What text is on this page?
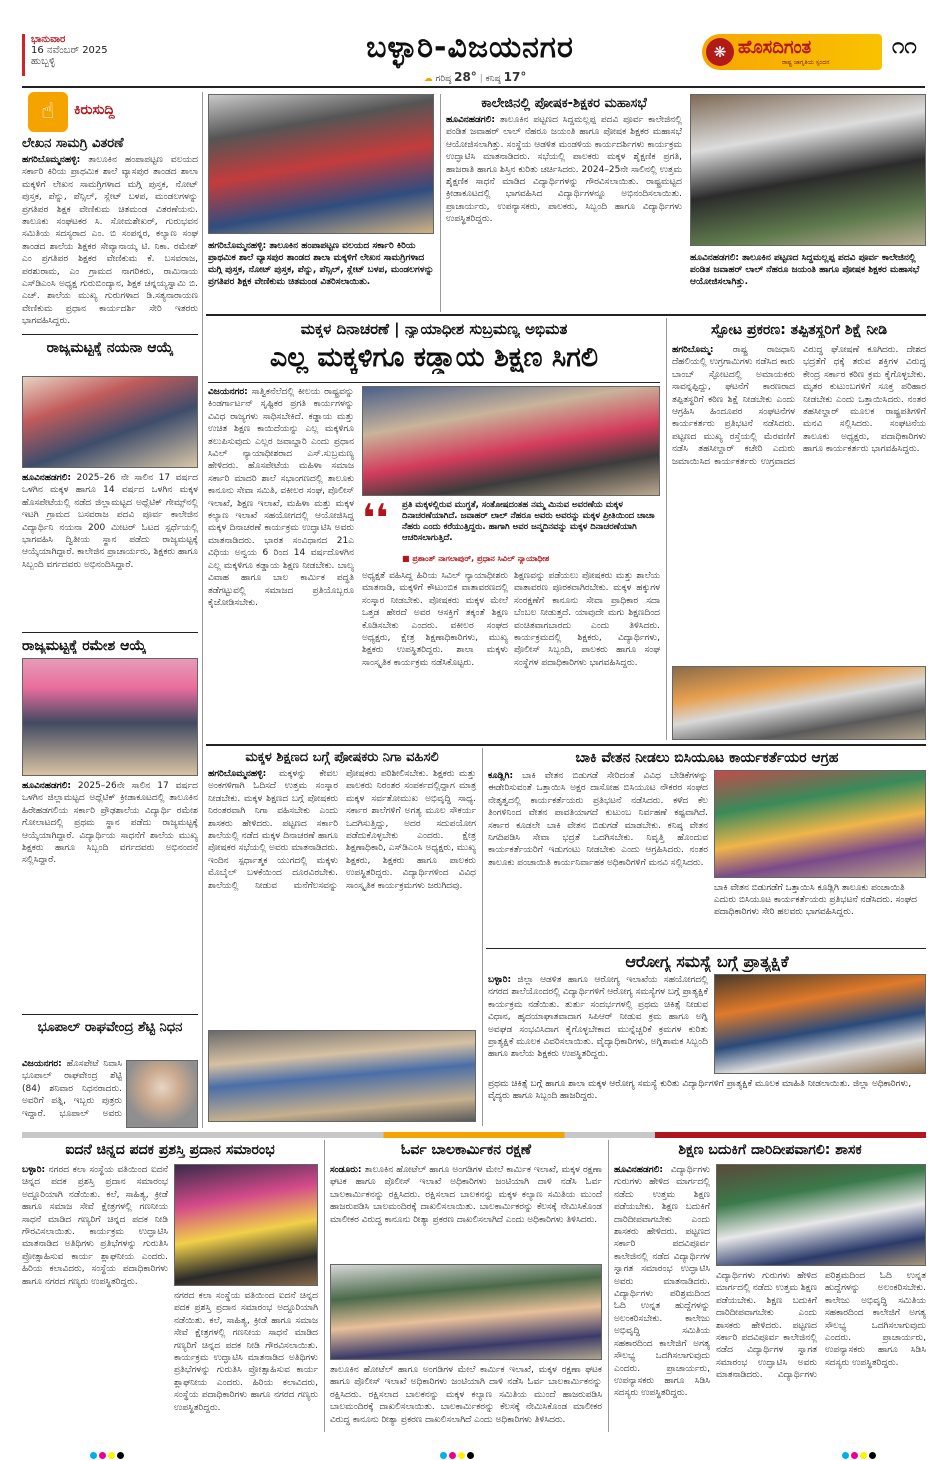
ಭಾನುವಾರ
16 ನವೆಂಬರ್ 2025
ಹುಬ್ಬಳ್ಳಿ	ಬಳ್ಳಾರಿ-ವಿಜಯನಗರ
☁ ಗರಿಷ್ಠ 28° | ಕನಿಷ್ಠ 17°
❋ ಹೊಸದಿಗಂತ
ರಾಷ್ಟ್ರ ಜಾಗೃತಿಯ ಸ್ಪಂದನ
೧೧
☝	ಕಿರುಸುದ್ದಿ
ಲೇಖನ ಸಾಮಗ್ರಿ ವಿತರಣೆ
ಹಗರಿಬೊಮ್ಮನಹಳ್ಳಿ: ತಾಲೂಕಿನ ಹಂಪಾಪಟ್ಟಣ ವಲಯದ ಸರ್ಕಾರಿ ಕಿರಿಯ ಪ್ರಾಥಮಿಕ ಶಾಲೆ ವ್ಯಾಸಪುರ ತಾಂಡದ ಶಾಲಾ ಮಕ್ಕಳಿಗೆ ಲೇಖನ ಸಾಮಗ್ರಿಗಳಾದ ಮಗ್ಗಿ ಪುಸ್ತಕ, ನೋಟ್ ಪುಸ್ತಕ, ಪೆನ್ನು, ಪೆನ್ಸಿಲ್, ಸ್ಲೇಟ್ ಬಳಪ, ಮಂಡಲಗಳನ್ನು ಪ್ರಗತಿಪರ ಶಿಕ್ಷಕ ವೇಣಿಕುಮ ಚಿತಮಂಡ ವಿತರಣೆಯನು. ತಾಲೂಕು ಸಂಘಟಕರ ಸಿ. ಸೋಮಶೇಖರ್, ಗುರುಭವನ ಸಮಿತಿಯ ಸದಸ್ಯರಾದ ಎಂ. ಬಿ ಸಂಪನ್ನರ, ಕಲ್ಯಾಣ ಸಂಘ ತಾಂಡದ ಶಾಲೆಯ ಶಿಕ್ಷಕರ ಸೇವ್ಯಾನಾಯ್ಕ ಟಿ. ನಿಕಾ. ರಮೇಶ್ ಎಂ ಪ್ರಗತಿಪರ ಶಿಕ್ಷಕರ ವೇಣಿಕುಮ ಕೆ. ಬಸವರಾಜ, ಪರಶುರಾಮ, ಎಂ ಗ್ರಾಮದ ನಾಗರಿಕರು, ರಾಮಿನಾಯ ಎಸ್‌ಡಿಎಂಸಿ ಅಧ್ಯಕ್ಷ ಗುರುಬಿಂದ್ಯಾನ, ಶಿಕ್ಷಕ ಚನ್ನಯ್ಯಸ್ವಾಮಿ ಬಿ. ಎಚ್. ಶಾಲೆಯ ಮುಖ್ಯ ಗುರುಗಳಾದ ಡಿ.ಸತ್ಯನಾರಾಯಣ ವೇಣಿಕುಮ ಪ್ರಧಾನ ಕಾರ್ಯದರ್ಶಿ ಸೇರಿ ಇತರರು ಭಾಗವಹಿಸಿದ್ದರು.
ರಾಜ್ಯಮಟ್ಟಕ್ಕೆ ನಯನಾ ಆಯ್ಕೆ
ಹೂವಿನಹಡಗಲಿ: 2025–26 ನೇ ಸಾಲಿನ 17 ವರ್ಷದ ಒಳಗಿನ ಮಕ್ಕಳ ಹಾಗೂ 14 ವರ್ಷದ ಒಳಗಿನ ಮಕ್ಕಳ ಹೊಸಪೇಟೆಯಲ್ಲಿ ನಡೆದ ಜಿಲ್ಲಾಮಟ್ಟದ ಅಥ್ಲೆಟಿಕ್ ಗೇಮ್ಸ್‌ನಲ್ಲಿ ಇಟಗಿ ಗ್ರಾಮದ ಬಸವರಾಜ ಪದವಿ ಪೂರ್ವ ಕಾಲೇಜಿನ ವಿದ್ಯಾರ್ಥಿನಿ ನಯನಾ 200 ಮೀಟರ್ ಓಟದ ಸ್ಪರ್ಧೆಯಲ್ಲಿ ಭಾಗವಹಿಸಿ ದ್ವಿತೀಯ ಸ್ಥಾನ ಪಡೆದು ರಾಜ್ಯಮಟ್ಟಕ್ಕೆ ಆಯ್ಕೆಯಾಗಿದ್ದಾರೆ. ಕಾಲೇಜಿನ ಪ್ರಾಚಾರ್ಯರು, ಶಿಕ್ಷಕರು ಹಾಗೂ ಸಿಬ್ಬಂದಿ ವರ್ಗದವರು ಅಭಿನಂದಿಸಿದ್ದಾರೆ.
ರಾಜ್ಯಮಟ್ಟಕ್ಕೆ ರಮೇಶ ಆಯ್ಕೆ
ಹೂವಿನಹಡಗಲಿ: 2025–26ನೇ ಸಾಲಿನ 17 ವರ್ಷದ ಒಳಗಿನ ಜಿಲ್ಲಾಮಟ್ಟದ ಅಥ್ಲೆಟಿಕ್ ಕ್ರೀಡಾಕೂಟದಲ್ಲಿ ತಾಲೂಕಿನ ಹಿರೇಹಡಗಲಿಯ ಸರ್ಕಾರಿ ಪ್ರೌಢಶಾಲೆಯ ವಿದ್ಯಾರ್ಥಿ ರಮೇಶ ಗೋಲಾಟದಲ್ಲಿ ಪ್ರಥಮ ಸ್ಥಾನ ಪಡೆದು ರಾಜ್ಯಮಟ್ಟಕ್ಕೆ ಆಯ್ಕೆಯಾಗಿದ್ದಾರೆ. ವಿದ್ಯಾರ್ಥಿಯ ಸಾಧನೆಗೆ ಶಾಲೆಯ ಮುಖ್ಯ ಶಿಕ್ಷಕರು ಹಾಗೂ ಸಿಬ್ಬಂದಿ ವರ್ಗದವರು ಅಭಿನಂದನೆ ಸಲ್ಲಿಸಿದ್ದಾರೆ.
ಭೂಪಾಲ್ ರಾಘವೇಂದ್ರ ಶೆಟ್ಟಿ ನಿಧನ
ವಿಜಯನಗರ: ಹೊಸಪೇಟೆ ನಿವಾಸಿ ಭೂಪಾಲ್ ರಾಘವೇಂದ್ರ ಶೆಟ್ಟಿ (84) ಶನಿವಾರ ನಿಧನರಾದರು. ಅವರಿಗೆ ಪತ್ನಿ, ಇಬ್ಬರು ಪುತ್ರರು ಇದ್ದಾರೆ. ಭೂಪಾಲ್ ಅವರು
ಹಗರಿಬೊಮ್ಮನಹಳ್ಳಿ: ತಾಲೂಕಿನ ಹಂಪಾಪಟ್ಟಣ ವಲಯದ ಸರ್ಕಾರಿ ಕಿರಿಯ ಪ್ರಾಥಮಿಕ ಶಾಲೆ ವ್ಯಾಸಪುರ ತಾಂಡದ ಶಾಲಾ ಮಕ್ಕಳಿಗೆ ಲೇಖನ ಸಾಮಗ್ರಿಗಳಾದ ಮಗ್ಗಿ ಪುಸ್ತಕ, ನೋಟ್ ಪುಸ್ತಕ, ಪೆನ್ನು, ಪೆನ್ಸಿಲ್, ಸ್ಲೇಟ್ ಬಳಪ, ಮಂಡಲಗಳನ್ನು ಪ್ರಗತಿಪರ ಶಿಕ್ಷಕ ವೇಣಿಕುಮ ಚಿತಮಂಡ ವಿತರಿಸಲಾಯಿತು.
ಕಾಲೇಜಿನಲ್ಲಿ ಪೋಷಕ-ಶಿಕ್ಷಕರ ಮಹಾಸಭೆ
ಹೂವಿನಹಡಗಲಿ: ತಾಲೂಕಿನ ಪಟ್ಟಣದ ಸಿದ್ದಮಲ್ಲಪ್ಪ ಪದವಿ ಪೂರ್ವ ಕಾಲೇಜಿನಲ್ಲಿ ಪಂಡಿತ ಜವಾಹರ್ ಲಾಲ್ ನೆಹರೂ ಜಯಂತಿ ಹಾಗೂ ಪೋಷಕ ಶಿಕ್ಷಕರ ಮಹಾಸಭೆ ಆಯೋಜಿಸಲಾಗಿತ್ತು. ಸಂಸ್ಥೆಯ ಆಡಳಿತ ಮಂಡಳಿಯ ಕಾರ್ಯದರ್ಶಿಗಳು ಕಾರ್ಯಕ್ರಮ ಉದ್ಘಾಟಿಸಿ ಮಾತನಾಡಿದರು. ಸಭೆಯಲ್ಲಿ ಪಾಲಕರು ಮಕ್ಕಳ ಶೈಕ್ಷಣಿಕ ಪ್ರಗತಿ, ಹಾಜರಾತಿ ಹಾಗೂ ಶಿಸ್ತಿನ ಕುರಿತು ಚರ್ಚಿಸಿದರು. 2024–25ನೇ ಸಾಲಿನಲ್ಲಿ ಉತ್ತಮ ಶೈಕ್ಷಣಿಕ ಸಾಧನೆ ಮಾಡಿದ ವಿದ್ಯಾರ್ಥಿಗಳನ್ನು ಗೌರವಿಸಲಾಯಿತು. ರಾಷ್ಟ್ರಮಟ್ಟದ ಕ್ರೀಡಾಕೂಟದಲ್ಲಿ ಭಾಗವಹಿಸಿದ ವಿದ್ಯಾರ್ಥಿಗಳನ್ನೂ ಅಭಿನಂದಿಸಲಾಯಿತು. ಪ್ರಾಚಾರ್ಯರು, ಉಪನ್ಯಾಸಕರು, ಪಾಲಕರು, ಸಿಬ್ಬಂದಿ ಹಾಗೂ ವಿದ್ಯಾರ್ಥಿಗಳು ಉಪಸ್ಥಿತರಿದ್ದರು.
ಹೂವಿನಹಡಗಲಿ: ತಾಲೂಕಿನ ಪಟ್ಟಣದ ಸಿದ್ದಮಲ್ಲಪ್ಪ ಪದವಿ ಪೂರ್ವ ಕಾಲೇಜಿನಲ್ಲಿ ಪಂಡಿತ ಜವಾಹರ್ ಲಾಲ್ ನೆಹರೂ ಜಯಂತಿ ಹಾಗೂ ಪೋಷಕ ಶಿಕ್ಷಕರ ಮಹಾಸಭೆ ಆಯೋಜಿಸಲಾಗಿತ್ತು.
ಮಕ್ಕಳ ದಿನಾಚರಣೆ | ನ್ಯಾಯಾಧೀಶ ಸುಬ್ರಮಣ್ಯ ಅಭಿಮತ
ಎಲ್ಲ ಮಕ್ಕಳಿಗೂ ಕಡ್ಡಾಯ ಶಿಕ್ಷಣ ಸಿಗಲಿ
ವಿಜಯನಗರ: ಸಾತ್ವಿಕನೆಲೆದಲ್ಲಿ ಕೀಲಯ ರಾಷ್ಟ್ರವನ್ನು ಕಿಂಡರ್ಗಾರ್ಟನ್ ಸೃಷ್ಟಿಕರ ಪ್ರಗತಿ ಕಾರ್ಯಗಳನ್ನು ವಿವಿಧ ರಾಜ್ಯಗಳು ಸಾಧಿಸಬೇಕಿದೆ. ಕಡ್ಡಾಯ ಮತ್ತು ಉಚಿತ ಶಿಕ್ಷಣ ಕಾಯಿದೆಯನ್ನು ಎಲ್ಲ ಮಕ್ಕಳಿಗೂ ತಲುಪಿಸುವುದು ಎಲ್ಲರ ಜವಾಬ್ದಾರಿ ಎಂದು ಪ್ರಧಾನ ಸಿವಿಲ್ ನ್ಯಾಯಾಧೀಶರಾದ ಎಸ್.ಸುಬ್ರಮಣ್ಯ ಹೇಳಿದರು. ಹೊಸಪೇಟೆಯ ಮಹಿಳಾ ಸಮಾಜ ಸರ್ಕಾರಿ ಮಾದರಿ ಶಾಲೆ ಸಭಾಂಗಣದಲ್ಲಿ ತಾಲೂಕು ಕಾನೂನು ಸೇವಾ ಸಮಿತಿ, ವಕೀಲರ ಸಂಘ, ಪೊಲೀಸ್ ಇಲಾಖೆ, ಶಿಕ್ಷಣ ಇಲಾಖೆ, ಮಹಿಳಾ ಮತ್ತು ಮಕ್ಕಳ ಕಲ್ಯಾಣ ಇಲಾಖೆ ಸಹಯೋಗದಲ್ಲಿ ಆಯೋಜಿಸಿದ್ದ ಮಕ್ಕಳ ದಿನಾಚರಣೆ ಕಾರ್ಯಕ್ರಮ ಉದ್ಘಾಟಿಸಿ ಅವರು ಮಾತನಾಡಿದರು. ಭಾರತ ಸಂವಿಧಾನದ 21ಎ ವಿಧಿಯ ಅನ್ವಯ 6 ರಿಂದ 14 ವರ್ಷದೊಳಗಿನ ಎಲ್ಲ ಮಕ್ಕಳಿಗೂ ಕಡ್ಡಾಯ ಶಿಕ್ಷಣ ನೀಡಬೇಕು. ಬಾಲ್ಯ ವಿವಾಹ ಹಾಗೂ ಬಾಲ ಕಾರ್ಮಿಕ ಪದ್ಧತಿ ತಡೆಗಟ್ಟುವಲ್ಲಿ ಸಮಾಜದ ಪ್ರತಿಯೊಬ್ಬರೂ ಕೈಜೋಡಿಸಬೇಕು.
❛❛ ಪ್ರತಿ ಮಕ್ಕಳಲ್ಲಿರುವ ಮುಗ್ಧತೆ, ಸಂತೋಷದಂತಹ ನಮ್ಮ ಮಿನುವ ಅವರಣೆಯ ಮಕ್ಕಳ ದಿನಾಚರಣೆಯಾಗಿದೆ. ಜವಾಹರ್ ಲಾಲ್ ನೆಹರೂ ಅವರು ಅವರನ್ನು ಮಕ್ಕಳ ಪ್ರೀತಿಯಿಂದ ಚಾಚಾ ನೆಹರು ಎಂದು ಕರೆಯುತ್ತಿದ್ದರು. ಹಾಗಾಗಿ ಅವರ ಜನ್ಮದಿನವನ್ನು ಮಕ್ಕಳ ದಿನಾಚರಣೆಯಾಗಿ ಆಚರಿಸಲಾಗುತ್ತಿದೆ.
■ ಪ್ರಶಾಂತ್ ನಾಗಲಾಪುರ್, ಪ್ರಧಾನ ಸಿವಿಲ್ ನ್ಯಾಯಾಧೀಶ
ಅಧ್ಯಕ್ಷತೆ ವಹಿಸಿದ್ದ ಹಿರಿಯ ಸಿವಿಲ್ ನ್ಯಾಯಾಧೀಶರು ಮಾತನಾಡಿ, ಮಕ್ಕಳಿಗೆ ಕೌಟುಂಬಿಕ ವಾತಾವರಣದಲ್ಲಿ ಸಂಸ್ಕಾರ ನೀಡಬೇಕು. ಪೋಷಕರು ಮಕ್ಕಳ ಮೇಲೆ ಒತ್ತಡ ಹೇರದೆ ಅವರ ಆಸಕ್ತಿಗೆ ತಕ್ಕಂತೆ ಶಿಕ್ಷಣ ಕೊಡಿಸಬೇಕು ಎಂದರು. ವಕೀಲರ ಸಂಘದ ಅಧ್ಯಕ್ಷರು, ಕ್ಷೇತ್ರ ಶಿಕ್ಷಣಾಧಿಕಾರಿಗಳು, ಮುಖ್ಯ ಶಿಕ್ಷಕರು ಉಪಸ್ಥಿತರಿದ್ದರು. ಶಾಲಾ ಮಕ್ಕಳು ಸಾಂಸ್ಕೃತಿಕ ಕಾರ್ಯಕ್ರಮ ನಡೆಸಿಕೊಟ್ಟರು.
ಶಿಕ್ಷಣವನ್ನು ಪಡೆಯಲು ಪೋಷಕರು ಮತ್ತು ಶಾಲೆಯ ವಾತಾವರಣ ಪೂರಕವಾಗಿರಬೇಕು. ಮಕ್ಕಳ ಹಕ್ಕುಗಳ ಸಂರಕ್ಷಣೆಗೆ ಕಾನೂನು ಸೇವಾ ಪ್ರಾಧಿಕಾರ ಸದಾ ಬೆಂಬಲ ನೀಡುತ್ತದೆ. ಯಾವುದೇ ಮಗು ಶಿಕ್ಷಣದಿಂದ ವಂಚಿತವಾಗಬಾರದು ಎಂದು ತಿಳಿಸಿದರು. ಕಾರ್ಯಕ್ರಮದಲ್ಲಿ ಶಿಕ್ಷಕರು, ವಿದ್ಯಾರ್ಥಿಗಳು, ಪೊಲೀಸ್ ಸಿಬ್ಬಂದಿ, ಪಾಲಕರು ಹಾಗೂ ಸಂಘ ಸಂಸ್ಥೆಗಳ ಪದಾಧಿಕಾರಿಗಳು ಭಾಗವಹಿಸಿದ್ದರು.
ಸ್ಫೋಟ ಪ್ರಕರಣ: ತಪ್ಪಿತಸ್ಥರಿಗೆ ಶಿಕ್ಷೆ ನೀಡಿ
ಹಗರಿಬೊಮ್ಮ: ರಾಷ್ಟ್ರ ರಾಜಧಾನಿ ದೆಹಲಿಯಲ್ಲಿ ಉಗ್ರಗಾಮಿಗಳು ನಡೆಸಿದ ಕಾರು ಬಾಂಬ್ ಸ್ಫೋಟದಲ್ಲಿ ಅಮಾಯಕರು ಸಾವನ್ನಪ್ಪಿದ್ದು, ಘಟನೆಗೆ ಕಾರಣರಾದ ತಪ್ಪಿತಸ್ಥರಿಗೆ ಕಠಿಣ ಶಿಕ್ಷೆ ನೀಡಬೇಕು ಎಂದು ಆಗ್ರಹಿಸಿ ಹಿಂದೂಪರ ಸಂಘಟನೆಗಳ ಕಾರ್ಯಕರ್ತರು ಪ್ರತಿಭಟನೆ ನಡೆಸಿದರು. ಪಟ್ಟಣದ ಮುಖ್ಯ ರಸ್ತೆಯಲ್ಲಿ ಮೆರವಣಿಗೆ ನಡೆಸಿ ತಹಸೀಲ್ದಾರ್ ಕಚೇರಿ ಎದುರು ಜಮಾಯಿಸಿದ ಕಾರ್ಯಕರ್ತರು ಉಗ್ರವಾದದ ವಿರುದ್ಧ ಘೋಷಣೆ ಕೂಗಿದರು. ದೇಶದ ಭದ್ರತೆಗೆ ಧಕ್ಕೆ ತರುವ ಶಕ್ತಿಗಳ ವಿರುದ್ಧ ಕೇಂದ್ರ ಸರ್ಕಾರ ಕಠಿಣ ಕ್ರಮ ಕೈಗೊಳ್ಳಬೇಕು. ಮೃತರ ಕುಟುಂಬಗಳಿಗೆ ಸೂಕ್ತ ಪರಿಹಾರ ನೀಡಬೇಕು ಎಂದು ಒತ್ತಾಯಿಸಿದರು. ನಂತರ ತಹಸೀಲ್ದಾರ್ ಮೂಲಕ ರಾಷ್ಟ್ರಪತಿಗಳಿಗೆ ಮನವಿ ಸಲ್ಲಿಸಿದರು. ಸಂಘಟನೆಯ ತಾಲೂಕು ಅಧ್ಯಕ್ಷರು, ಪದಾಧಿಕಾರಿಗಳು ಹಾಗೂ ಕಾರ್ಯಕರ್ತರು ಭಾಗವಹಿಸಿದ್ದರು.
ಮಕ್ಕಳ ಶಿಕ್ಷಣದ ಬಗ್ಗೆ ಪೋಷಕರು ನಿಗಾ ವಹಿಸಲಿ
ಹಗರಿಬೊಮ್ಮನಹಳ್ಳಿ: ಮಕ್ಕಳನ್ನು ಕೇವಲ ಅಂಕಗಳಿಗಾಗಿ ಓದಿಸದೆ ಉತ್ತಮ ಸಂಸ್ಕಾರ ನೀಡಬೇಕು. ಮಕ್ಕಳ ಶಿಕ್ಷಣದ ಬಗ್ಗೆ ಪೋಷಕರು ನಿರಂತರವಾಗಿ ನಿಗಾ ವಹಿಸಬೇಕು ಎಂದು ಶಾಸಕರು ಹೇಳಿದರು. ಪಟ್ಟಣದ ಸರ್ಕಾರಿ ಶಾಲೆಯಲ್ಲಿ ನಡೆದ ಮಕ್ಕಳ ದಿನಾಚರಣೆ ಹಾಗೂ ಪೋಷಕರ ಸಭೆಯಲ್ಲಿ ಅವರು ಮಾತನಾಡಿದರು. ಇಂದಿನ ಸ್ಪರ್ಧಾತ್ಮಕ ಯುಗದಲ್ಲಿ ಮಕ್ಕಳು ಮೊಬೈಲ್ ಬಳಕೆಯಿಂದ ದೂರವಿರಬೇಕು. ಶಾಲೆಯಲ್ಲಿ ನೀಡುವ ಮನೆಗೆಲಸವನ್ನು ಪೋಷಕರು ಪರಿಶೀಲಿಸಬೇಕು. ಶಿಕ್ಷಕರು ಮತ್ತು ಪಾಲಕರು ನಿರಂತರ ಸಂಪರ್ಕದಲ್ಲಿದ್ದಾಗ ಮಾತ್ರ ಮಕ್ಕಳ ಸರ್ವತೋಮುಖ ಅಭಿವೃದ್ಧಿ ಸಾಧ್ಯ. ಸರ್ಕಾರ ಶಾಲೆಗಳಿಗೆ ಅಗತ್ಯ ಮೂಲ ಸೌಕರ್ಯ ಒದಗಿಸುತ್ತಿದ್ದು, ಅದರ ಸದುಪಯೋಗ ಪಡೆದುಕೊಳ್ಳಬೇಕು ಎಂದರು. ಕ್ಷೇತ್ರ ಶಿಕ್ಷಣಾಧಿಕಾರಿ, ಎಸ್‌ಡಿಎಂಸಿ ಅಧ್ಯಕ್ಷರು, ಮುಖ್ಯ ಶಿಕ್ಷಕರು, ಶಿಕ್ಷಕರು ಹಾಗೂ ಪಾಲಕರು ಉಪಸ್ಥಿತರಿದ್ದರು. ವಿದ್ಯಾರ್ಥಿಗಳಿಂದ ವಿವಿಧ ಸಾಂಸ್ಕೃತಿಕ ಕಾರ್ಯಕ್ರಮಗಳು ಜರುಗಿದವು.
ಬಾಕಿ ವೇತನ ನೀಡಲು ಬಿಸಿಯೂಟ ಕಾರ್ಯಕರ್ತೆಯರ ಆಗ್ರಹ
ಕೂಡ್ಲಿಗಿ: ಬಾಕಿ ವೇತನ ಬಿಡುಗಡೆ ಸೇರಿದಂತೆ ವಿವಿಧ ಬೇಡಿಕೆಗಳನ್ನು ಈಡೇರಿಸುವಂತೆ ಒತ್ತಾಯಿಸಿ ಅಕ್ಷರ ದಾಸೋಹ ಬಿಸಿಯೂಟ ನೌಕರರ ಸಂಘದ ನೇತೃತ್ವದಲ್ಲಿ ಕಾರ್ಯಕರ್ತೆಯರು ಪ್ರತಿಭಟನೆ ನಡೆಸಿದರು. ಕಳೆದ ಕೆಲ ತಿಂಗಳಿನಿಂದ ವೇತನ ಪಾವತಿಯಾಗದೆ ಕುಟುಂಬ ನಿರ್ವಹಣೆ ಕಷ್ಟವಾಗಿದೆ. ಸರ್ಕಾರ ಕೂಡಲೇ ಬಾಕಿ ವೇತನ ಬಿಡುಗಡೆ ಮಾಡಬೇಕು. ಕನಿಷ್ಠ ವೇತನ ನಿಗದಿಪಡಿಸಿ ಸೇವಾ ಭದ್ರತೆ ಒದಗಿಸಬೇಕು. ನಿವೃತ್ತಿ ಹೊಂದುವ ಕಾರ್ಯಕರ್ತೆಯರಿಗೆ ಇಡುಗಂಟು ನೀಡಬೇಕು ಎಂದು ಆಗ್ರಹಿಸಿದರು. ನಂತರ ತಾಲೂಕು ಪಂಚಾಯಿತಿ ಕಾರ್ಯನಿರ್ವಾಹಕ ಅಧಿಕಾರಿಗಳಿಗೆ ಮನವಿ ಸಲ್ಲಿಸಿದರು.
ಬಾಕಿ ವೇತನ ಬಿಡುಗಡೆಗೆ ಒತ್ತಾಯಿಸಿ ಕೂಡ್ಲಿಗಿ ತಾಲೂಕು ಪಂಚಾಯಿತಿ ಎದುರು ಬಿಸಿಯೂಟ ಕಾರ್ಯಕರ್ತೆಯರು ಪ್ರತಿಭಟನೆ ನಡೆಸಿದರು. ಸಂಘದ ಪದಾಧಿಕಾರಿಗಳು ಸೇರಿ ಹಲವರು ಭಾಗವಹಿಸಿದ್ದರು.
ಆರೋಗ್ಯ ಸಮಸ್ಯೆ ಬಗ್ಗೆ ಪ್ರಾತ್ಯಕ್ಷಿಕೆ
ಬಳ್ಳಾರಿ: ಜಿಲ್ಲಾ ಆಡಳಿತ ಹಾಗೂ ಆರೋಗ್ಯ ಇಲಾಖೆಯ ಸಹಯೋಗದಲ್ಲಿ ನಗರದ ಶಾಲೆಯೊಂದರಲ್ಲಿ ವಿದ್ಯಾರ್ಥಿಗಳಿಗೆ ಆರೋಗ್ಯ ಸಮಸ್ಯೆಗಳ ಬಗ್ಗೆ ಪ್ರಾತ್ಯಕ್ಷಿಕೆ ಕಾರ್ಯಕ್ರಮ ನಡೆಯಿತು. ತುರ್ತು ಸಂದರ್ಭಗಳಲ್ಲಿ ಪ್ರಥಮ ಚಿಕಿತ್ಸೆ ನೀಡುವ ವಿಧಾನ, ಹೃದಯಾಘಾತವಾದಾಗ ಸಿಪಿಆರ್ ನೀಡುವ ಕ್ರಮ ಹಾಗೂ ಅಗ್ನಿ ಅವಘಡ ಸಂಭವಿಸಿದಾಗ ಕೈಗೊಳ್ಳಬೇಕಾದ ಮುನ್ನೆಚ್ಚರಿಕೆ ಕ್ರಮಗಳ ಕುರಿತು ಪ್ರಾತ್ಯಕ್ಷಿಕೆ ಮೂಲಕ ವಿವರಿಸಲಾಯಿತು. ವೈದ್ಯಾಧಿಕಾರಿಗಳು, ಅಗ್ನಿಶಾಮಕ ಸಿಬ್ಬಂದಿ ಹಾಗೂ ಶಾಲೆಯ ಶಿಕ್ಷಕರು ಉಪಸ್ಥಿತರಿದ್ದರು.
ಪ್ರಥಮ ಚಿಕಿತ್ಸೆ ಬಗ್ಗೆ ಹಾಗೂ ಶಾಲಾ ಮಕ್ಕಳ ಆರೋಗ್ಯ ಸಮಸ್ಯೆ ಕುರಿತು ವಿದ್ಯಾರ್ಥಿಗಳಿಗೆ ಪ್ರಾತ್ಯಕ್ಷಿಕೆ ಮೂಲಕ ಮಾಹಿತಿ ನೀಡಲಾಯಿತು. ಜಿಲ್ಲಾ ಅಧಿಕಾರಿಗಳು, ವೈದ್ಯರು ಹಾಗೂ ಸಿಬ್ಬಂದಿ ಹಾಜರಿದ್ದರು.
ಐದನೆ ಚಿನ್ನದ ಪದಕ ಪ್ರಶಸ್ತಿ ಪ್ರದಾನ ಸಮಾರಂಭ
ಬಳ್ಳಾರಿ: ನಗರದ ಕಲಾ ಸಂಸ್ಥೆಯ ವತಿಯಿಂದ ಐದನೆ ಚಿನ್ನದ ಪದಕ ಪ್ರಶಸ್ತಿ ಪ್ರದಾನ ಸಮಾರಂಭ ಅದ್ದೂರಿಯಾಗಿ ನಡೆಯಿತು. ಕಲೆ, ಸಾಹಿತ್ಯ, ಕ್ರೀಡೆ ಹಾಗೂ ಸಮಾಜ ಸೇವೆ ಕ್ಷೇತ್ರಗಳಲ್ಲಿ ಗಣನೀಯ ಸಾಧನೆ ಮಾಡಿದ ಗಣ್ಯರಿಗೆ ಚಿನ್ನದ ಪದಕ ನೀಡಿ ಗೌರವಿಸಲಾಯಿತು. ಕಾರ್ಯಕ್ರಮ ಉದ್ಘಾಟಿಸಿ ಮಾತನಾಡಿದ ಅತಿಥಿಗಳು ಪ್ರತಿಭೆಗಳನ್ನು ಗುರುತಿಸಿ ಪ್ರೋತ್ಸಾಹಿಸುವ ಕಾರ್ಯ ಶ್ಲಾಘನೀಯ ಎಂದರು. ಹಿರಿಯ ಕಲಾವಿದರು, ಸಂಸ್ಥೆಯ ಪದಾಧಿಕಾರಿಗಳು ಹಾಗೂ ನಗರದ ಗಣ್ಯರು ಉಪಸ್ಥಿತರಿದ್ದರು.
ನಗರದ ಕಲಾ ಸಂಸ್ಥೆಯ ವತಿಯಿಂದ ಐದನೆ ಚಿನ್ನದ ಪದಕ ಪ್ರಶಸ್ತಿ ಪ್ರದಾನ ಸಮಾರಂಭ ಅದ್ದೂರಿಯಾಗಿ ನಡೆಯಿತು. ಕಲೆ, ಸಾಹಿತ್ಯ, ಕ್ರೀಡೆ ಹಾಗೂ ಸಮಾಜ ಸೇವೆ ಕ್ಷೇತ್ರಗಳಲ್ಲಿ ಗಣನೀಯ ಸಾಧನೆ ಮಾಡಿದ ಗಣ್ಯರಿಗೆ ಚಿನ್ನದ ಪದಕ ನೀಡಿ ಗೌರವಿಸಲಾಯಿತು. ಕಾರ್ಯಕ್ರಮ ಉದ್ಘಾಟಿಸಿ ಮಾತನಾಡಿದ ಅತಿಥಿಗಳು ಪ್ರತಿಭೆಗಳನ್ನು ಗುರುತಿಸಿ ಪ್ರೋತ್ಸಾಹಿಸುವ ಕಾರ್ಯ ಶ್ಲಾಘನೀಯ ಎಂದರು. ಹಿರಿಯ ಕಲಾವಿದರು, ಸಂಸ್ಥೆಯ ಪದಾಧಿಕಾರಿಗಳು ಹಾಗೂ ನಗರದ ಗಣ್ಯರು ಉಪಸ್ಥಿತರಿದ್ದರು.
ಓರ್ವ ಬಾಲಕಾರ್ಮಿಕನ ರಕ್ಷಣೆ
ಸಂಡೂರು: ತಾಲೂಕಿನ ಹೋಟೆಲ್ ಹಾಗೂ ಅಂಗಡಿಗಳ ಮೇಲೆ ಕಾರ್ಮಿಕ ಇಲಾಖೆ, ಮಕ್ಕಳ ರಕ್ಷಣಾ ಘಟಕ ಹಾಗೂ ಪೊಲೀಸ್ ಇಲಾಖೆ ಅಧಿಕಾರಿಗಳು ಜಂಟಿಯಾಗಿ ದಾಳಿ ನಡೆಸಿ ಓರ್ವ ಬಾಲಕಾರ್ಮಿಕನನ್ನು ರಕ್ಷಿಸಿದರು. ರಕ್ಷಿಸಲಾದ ಬಾಲಕನನ್ನು ಮಕ್ಕಳ ಕಲ್ಯಾಣ ಸಮಿತಿಯ ಮುಂದೆ ಹಾಜರುಪಡಿಸಿ ಬಾಲಮಂದಿರಕ್ಕೆ ದಾಖಲಿಸಲಾಯಿತು. ಬಾಲಕಾರ್ಮಿಕರನ್ನು ಕೆಲಸಕ್ಕೆ ನೇಮಿಸಿಕೊಂಡ ಮಾಲೀಕರ ವಿರುದ್ಧ ಕಾನೂನು ರೀತ್ಯಾ ಪ್ರಕರಣ ದಾಖಲಿಸಲಾಗಿದೆ ಎಂದು ಅಧಿಕಾರಿಗಳು ತಿಳಿಸಿದರು.
ತಾಲೂಕಿನ ಹೋಟೆಲ್ ಹಾಗೂ ಅಂಗಡಿಗಳ ಮೇಲೆ ಕಾರ್ಮಿಕ ಇಲಾಖೆ, ಮಕ್ಕಳ ರಕ್ಷಣಾ ಘಟಕ ಹಾಗೂ ಪೊಲೀಸ್ ಇಲಾಖೆ ಅಧಿಕಾರಿಗಳು ಜಂಟಿಯಾಗಿ ದಾಳಿ ನಡೆಸಿ ಓರ್ವ ಬಾಲಕಾರ್ಮಿಕನನ್ನು ರಕ್ಷಿಸಿದರು. ರಕ್ಷಿಸಲಾದ ಬಾಲಕನನ್ನು ಮಕ್ಕಳ ಕಲ್ಯಾಣ ಸಮಿತಿಯ ಮುಂದೆ ಹಾಜರುಪಡಿಸಿ ಬಾಲಮಂದಿರಕ್ಕೆ ದಾಖಲಿಸಲಾಯಿತು. ಬಾಲಕಾರ್ಮಿಕರನ್ನು ಕೆಲಸಕ್ಕೆ ನೇಮಿಸಿಕೊಂಡ ಮಾಲೀಕರ ವಿರುದ್ಧ ಕಾನೂನು ರೀತ್ಯಾ ಪ್ರಕರಣ ದಾಖಲಿಸಲಾಗಿದೆ ಎಂದು ಅಧಿಕಾರಿಗಳು ತಿಳಿಸಿದರು.
ಶಿಕ್ಷಣ ಬದುಕಿಗೆ ದಾರಿದೀಪವಾಗಲಿ: ಶಾಸಕ
ಹೂವಿನಹಡಗಲಿ: ವಿದ್ಯಾರ್ಥಿಗಳು ಗುರುಗಳು ಹೇಳಿದ ಮಾರ್ಗದಲ್ಲಿ ನಡೆದು ಉತ್ತಮ ಶಿಕ್ಷಣ ಪಡೆಯಬೇಕು. ಶಿಕ್ಷಣ ಬದುಕಿಗೆ ದಾರಿದೀಪವಾಗಬೇಕು ಎಂದು ಶಾಸಕರು ಹೇಳಿದರು. ಪಟ್ಟಣದ ಸರ್ಕಾರಿ ಪದವಿಪೂರ್ವ ಕಾಲೇಜಿನಲ್ಲಿ ನಡೆದ ವಿದ್ಯಾರ್ಥಿಗಳ ಸ್ವಾಗತ ಸಮಾರಂಭ ಉದ್ಘಾಟಿಸಿ ಅವರು ಮಾತನಾಡಿದರು. ವಿದ್ಯಾರ್ಥಿಗಳು ಪರಿಶ್ರಮದಿಂದ ಓದಿ ಉನ್ನತ ಹುದ್ದೆಗಳನ್ನು ಅಲಂಕರಿಸಬೇಕು. ಕಾಲೇಜು ಅಭಿವೃದ್ಧಿ ಸಮಿತಿಯ ಸಹಕಾರದಿಂದ ಕಾಲೇಜಿಗೆ ಅಗತ್ಯ ಸೌಲಭ್ಯ ಒದಗಿಸಲಾಗುವುದು ಎಂದರು. ಪ್ರಾಚಾರ್ಯರು, ಉಪನ್ಯಾಸಕರು ಹಾಗೂ ಸಿಡಿಸಿ ಸದಸ್ಯರು ಉಪಸ್ಥಿತರಿದ್ದರು.
ವಿದ್ಯಾರ್ಥಿಗಳು ಗುರುಗಳು ಹೇಳಿದ ಮಾರ್ಗದಲ್ಲಿ ನಡೆದು ಉತ್ತಮ ಶಿಕ್ಷಣ ಪಡೆಯಬೇಕು. ಶಿಕ್ಷಣ ಬದುಕಿಗೆ ದಾರಿದೀಪವಾಗಬೇಕು ಎಂದು ಶಾಸಕರು ಹೇಳಿದರು. ಪಟ್ಟಣದ ಸರ್ಕಾರಿ ಪದವಿಪೂರ್ವ ಕಾಲೇಜಿನಲ್ಲಿ ನಡೆದ ವಿದ್ಯಾರ್ಥಿಗಳ ಸ್ವಾಗತ ಸಮಾರಂಭ ಉದ್ಘಾಟಿಸಿ ಅವರು ಮಾತನಾಡಿದರು. ವಿದ್ಯಾರ್ಥಿಗಳು ಪರಿಶ್ರಮದಿಂದ ಓದಿ ಉನ್ನತ ಹುದ್ದೆಗಳನ್ನು ಅಲಂಕರಿಸಬೇಕು. ಕಾಲೇಜು ಅಭಿವೃದ್ಧಿ ಸಮಿತಿಯ ಸಹಕಾರದಿಂದ ಕಾಲೇಜಿಗೆ ಅಗತ್ಯ ಸೌಲಭ್ಯ ಒದಗಿಸಲಾಗುವುದು ಎಂದರು. ಪ್ರಾಚಾರ್ಯರು, ಉಪನ್ಯಾಸಕರು ಹಾಗೂ ಸಿಡಿಸಿ ಸದಸ್ಯರು ಉಪಸ್ಥಿತರಿದ್ದರು.
